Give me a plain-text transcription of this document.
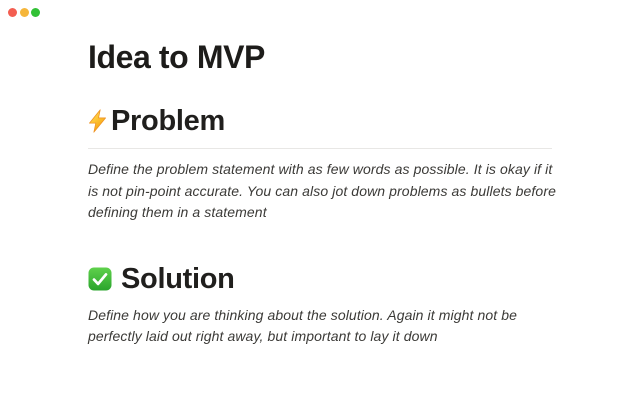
Idea to MVP
Problem

Define the problem statement with as few words as possible. It is okay if it
is not pin-point accurate. You can also jot down problems as bullets before
defining them in a statement

Solution

Define how you are thinking about the solution. Again it might not be
perfectly laid out right away, but important to lay it down
